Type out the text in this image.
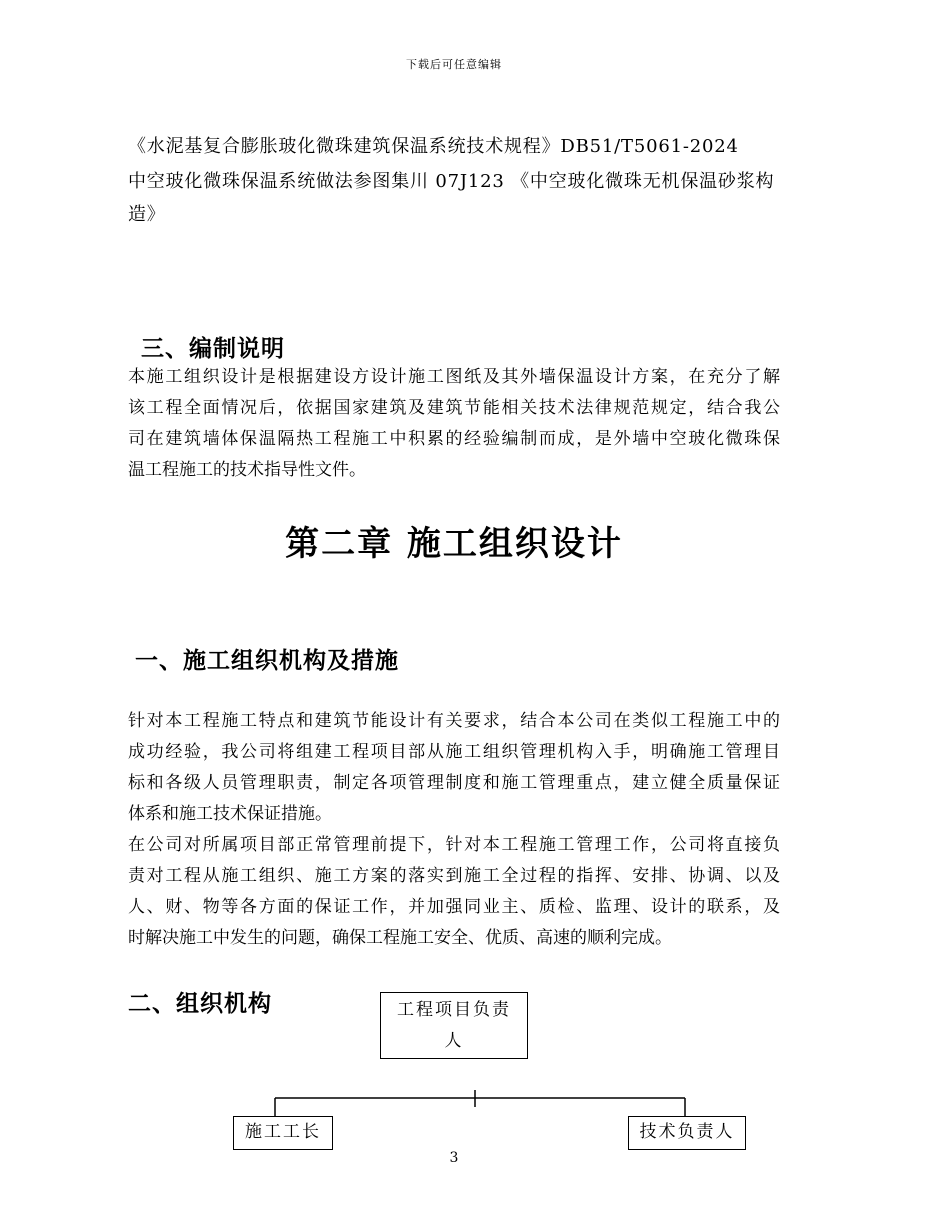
下载后可任意编辑
《水泥基复合膨胀玻化微珠建筑保温系统技术规程》DB51/T5061-2024
中空玻化微珠保温系统做法参图集川 07J123 《中空玻化微珠无机保温砂浆构
造》
三、编制说明
本施工组织设计是根据建设方设计施工图纸及其外墙保温设计方案，在充分了解
该工程全面情况后，依据国家建筑及建筑节能相关技术法律规范规定，结合我公
司在建筑墙体保温隔热工程施工中积累的经验编制而成，是外墙中空玻化微珠保
温工程施工的技术指导性文件。
第二章 施工组织设计
一、施工组织机构及措施
针对本工程施工特点和建筑节能设计有关要求，结合本公司在类似工程施工中的
成功经验，我公司将组建工程项目部从施工组织管理机构入手，明确施工管理目
标和各级人员管理职责，制定各项管理制度和施工管理重点，建立健全质量保证
体系和施工技术保证措施。
在公司对所属项目部正常管理前提下，针对本工程施工管理工作，公司将直接负
责对工程从施工组织、施工方案的落实到施工全过程的指挥、安排、协调、以及
人、财、物等各方面的保证工作，并加强同业主、质检、监理、设计的联系，及
时解决施工中发生的问题，确保工程施工安全、优质、高速的顺利完成。
二、组织机构	工程项目负责
人
施工工长	技术负责人
3
